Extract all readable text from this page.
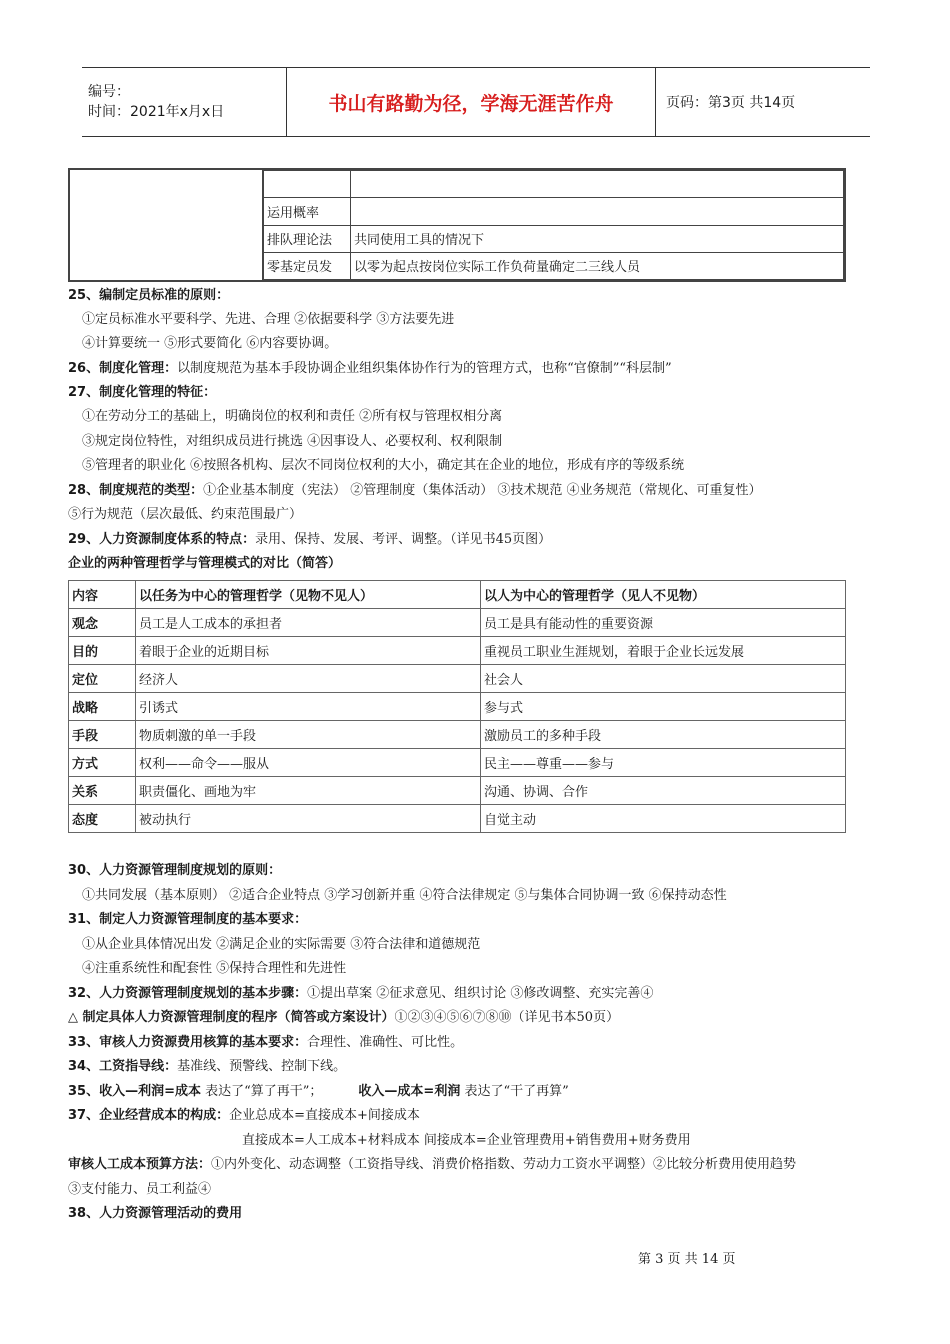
编号：
时间：2021年x月x日	书山有路勤为径，学海无涯苦作舟	页码：第3页 共14页

运用概率	
排队理论法	共同使用工具的情况下
零基定员发	以零为起点按岗位实际工作负荷量确定二三线人员
25、编制定员标准的原则：
①定员标准水平要科学、先进、合理 ②依据要科学 ③方法要先进
④计算要统一 ⑤形式要简化 ⑥内容要协调。
26、制度化管理：以制度规范为基本手段协调企业组织集体协作行为的管理方式，也称“官僚制”“科层制”
27、制度化管理的特征：
①在劳动分工的基础上，明确岗位的权利和责任 ②所有权与管理权相分离
③规定岗位特性，对组织成员进行挑选 ④因事设人、必要权利、权利限制
⑤管理者的职业化 ⑥按照各机构、层次不同岗位权利的大小，确定其在企业的地位，形成有序的等级系统
28、制度规范的类型：①企业基本制度（宪法） ②管理制度（集体活动） ③技术规范 ④业务规范（常规化、可重复性）
⑤行为规范（层次最低、约束范围最广）
29、人力资源制度体系的特点：录用、保持、发展、考评、调整。（详见书45页图）
企业的两种管理哲学与管理模式的对比（简答）
内容	以任务为中心的管理哲学（见物不见人）	以人为中心的管理哲学（见人不见物）
观念	员工是人工成本的承担者	员工是具有能动性的重要资源
目的	着眼于企业的近期目标	重视员工职业生涯规划，着眼于企业长远发展
定位	经济人	社会人
战略	引诱式	参与式
手段	物质刺激的单一手段	激励员工的多种手段
方式	权利——命令——服从	民主——尊重——参与
关系	职责僵化、画地为牢	沟通、协调、合作
态度	被动执行	自觉主动
30、人力资源管理制度规划的原则：
①共同发展（基本原则） ②适合企业特点 ③学习创新并重 ④符合法律规定 ⑤与集体合同协调一致 ⑥保持动态性
31、制定人力资源管理制度的基本要求：
①从企业具体情况出发 ②满足企业的实际需要 ③符合法律和道德规范
④注重系统性和配套性 ⑤保持合理性和先进性
32、人力资源管理制度规划的基本步骤：①提出草案 ②征求意见、组织讨论 ③修改调整、充实完善④
△ 制定具体人力资源管理制度的程序（简答或方案设计）①②③④⑤⑥⑦⑧⑩（详见书本50页）
33、审核人力资源费用核算的基本要求：合理性、准确性、可比性。
34、工资指导线：基准线、预警线、控制下线。
35、收入—利润=成本 表达了“算了再干”；	收入—成本=利润 表达了“干了再算”
37、企业经营成本的构成：企业总成本=直接成本+间接成本
直接成本=人工成本+材料成本 间接成本=企业管理费用+销售费用+财务费用
审核人工成本预算方法：①内外变化、动态调整（工资指导线、消费价格指数、劳动力工资水平调整）②比较分析费用使用趋势
③支付能力、员工利益④
38、人力资源管理活动的费用
第 3 页 共 14 页
